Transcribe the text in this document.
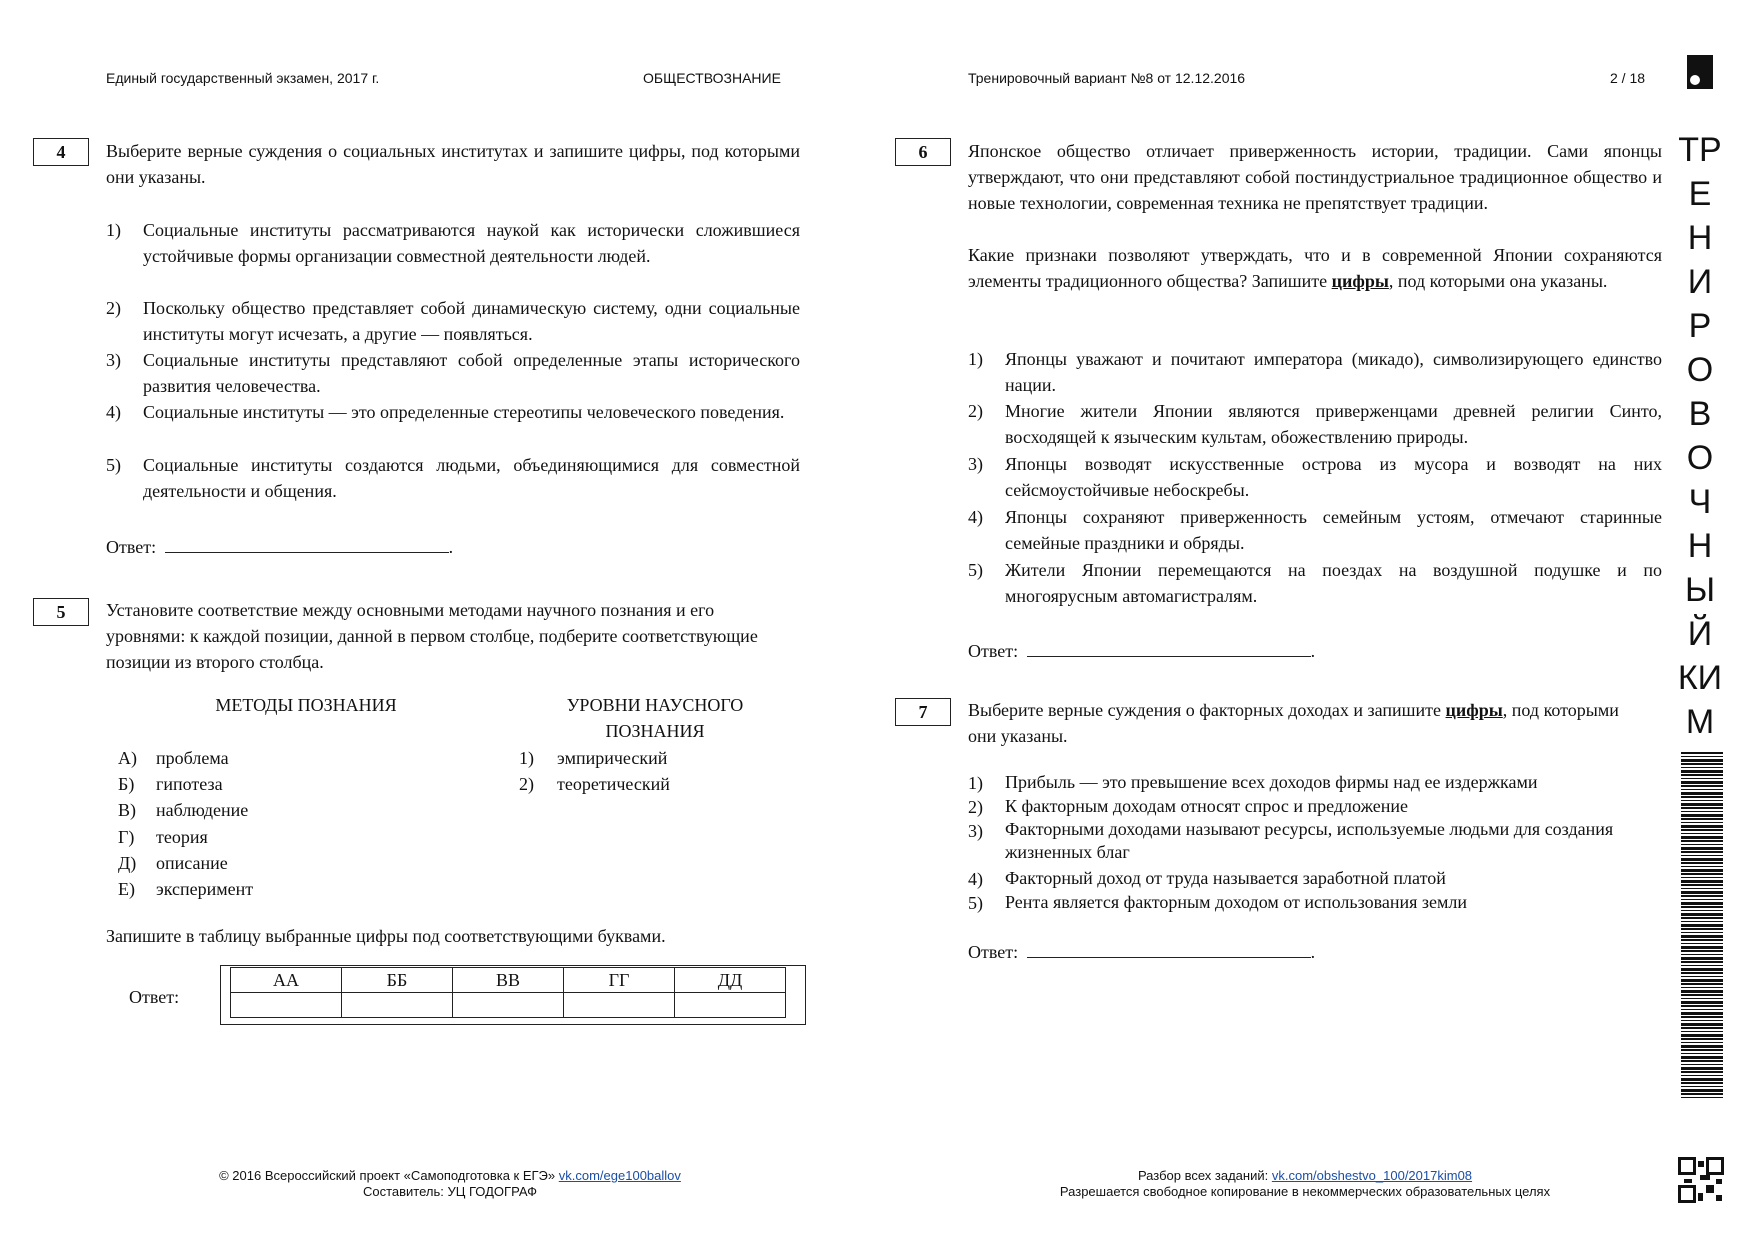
Единый государственный экзамен, 2017 г.	ОБЩЕСТВОЗНАНИЕ	Тренировочный вариант №8 от 12.12.2016	2 / 18
4	Выберите верные суждения о социальных институтах и запишите цифры, под которыми они указаны.
1) Социальные институты рассматриваются наукой как исторически сложившиеся устойчивые формы организации совместной деятельности людей.
2) Поскольку общество представляет собой динамическую систему, одни социальные институты могут исчезать, а другие — появляться.
3) Социальные институты представляют собой определенные этапы исторического развития человечества.
4) Социальные институты — это определенные стереотипы человеческого поведения.
5) Социальные институты создаются людьми, объединяющимися для совместной деятельности и общения.
Ответ:	.
5	Установите соответствие между основными методами научного познания и его уровнями: к каждой позиции, данной в первом столбце, подберите соответствующие позиции из второго столбца.
МЕТОДЫ ПОЗНАНИЯ	УРОВНИ НАУСНОГО ПОЗНАНИЯ
А) проблема
Б) гипотеза
В) наблюдение
Г) теория
Д) описание
Е) эксперимент
1) эмпирический
2) теоретический
Запишите в таблицу выбранные цифры под соответствующими буквами.
Ответ:
АА	ББ	ВВ	ГГ	ДД

6	Японское общество отличает приверженность истории, традиции. Сами японцы утверждают, что они представляют собой постиндустриальное традиционное общество и новые технологии, современная техника не препятствует традиции.
Какие признаки позволяют утверждать, что и в современной Японии сохраняются элементы традиционного общества? Запишите цифры, под которыми она указаны.
1) Японцы уважают и почитают императора (микадо), символизирующего единство нации.
2) Многие жители Японии являются приверженцами древней религии Синто, восходящей к языческим культам, обожествлению природы.
3) Японцы возводят искусственные острова из мусора и возводят на них сейсмоустойчивые небоскребы.
4) Японцы сохраняют приверженность семейным устоям, отмечают старинные семейные праздники и обряды.
5) Жители Японии перемещаются на поездах на воздушной подушке и по многоярусным автомагистралям.
Ответ:	.
7	Выберите верные суждения о факторных доходах и запишите цифры, под которыми они указаны.
1) Прибыль — это превышение всех доходов фирмы над ее издержками
2) К факторным доходам относят спрос и предложение
3) Факторными доходами называют ресурсы, используемые людьми для создания жизненных благ
4) Факторный доход от труда называется заработной платой
5) Рента является факторным доходом от использования земли
Ответ:	.
ТР
Е
Н
И
Р
О
В
О
Ч
Н
Ы
Й
КИ
М
© 2016 Всероссийский проект «Самоподготовка к ЕГЭ» vk.com/ege100ballov
Составитель: УЦ ГОДОГРАФ
Разбор всех заданий: vk.com/obshestvo_100/2017kim08
Разрешается свободное копирование в некоммерческих образовательных целях
